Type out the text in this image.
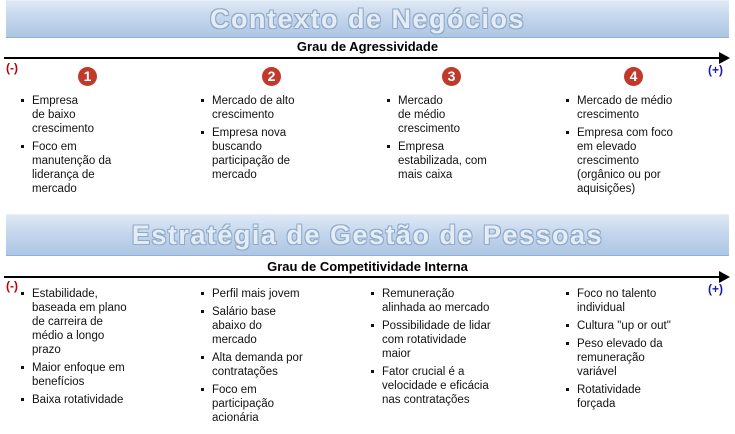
Contexto de Negócios
Grau de Agressividade
(-)	(+)
1	2	3	4
Empresa
de baixo
crescimento
Foco em
manutenção da
liderança de
mercado
Mercado de alto
crescimento
Empresa nova
buscando
participação de
mercado
Mercado
de médio
crescimento
Empresa
estabilizada, com
mais caixa
Mercado de médio
crescimento
Empresa com foco
em elevado
crescimento
(orgânico ou por
aquisições)
Estratégia de Gestão de Pessoas
Grau de Competitividade Interna
(-)	(+)
Estabilidade,
baseada em plano
de carreira de
médio a longo
prazo
Maior enfoque em
benefícios
Baixa rotatividade
Perfil mais jovem
Salário base
abaixo do
mercado
Alta demanda por
contratações
Foco em
participação
acionária
Remuneração
alinhada ao mercado
Possibilidade de lidar
com rotatividade
maior
Fator crucial é a
velocidade e eficácia
nas contratações
Foco no talento
individual
Cultura "up or out"
Peso elevado da
remuneração
variável
Rotatividade
forçada
